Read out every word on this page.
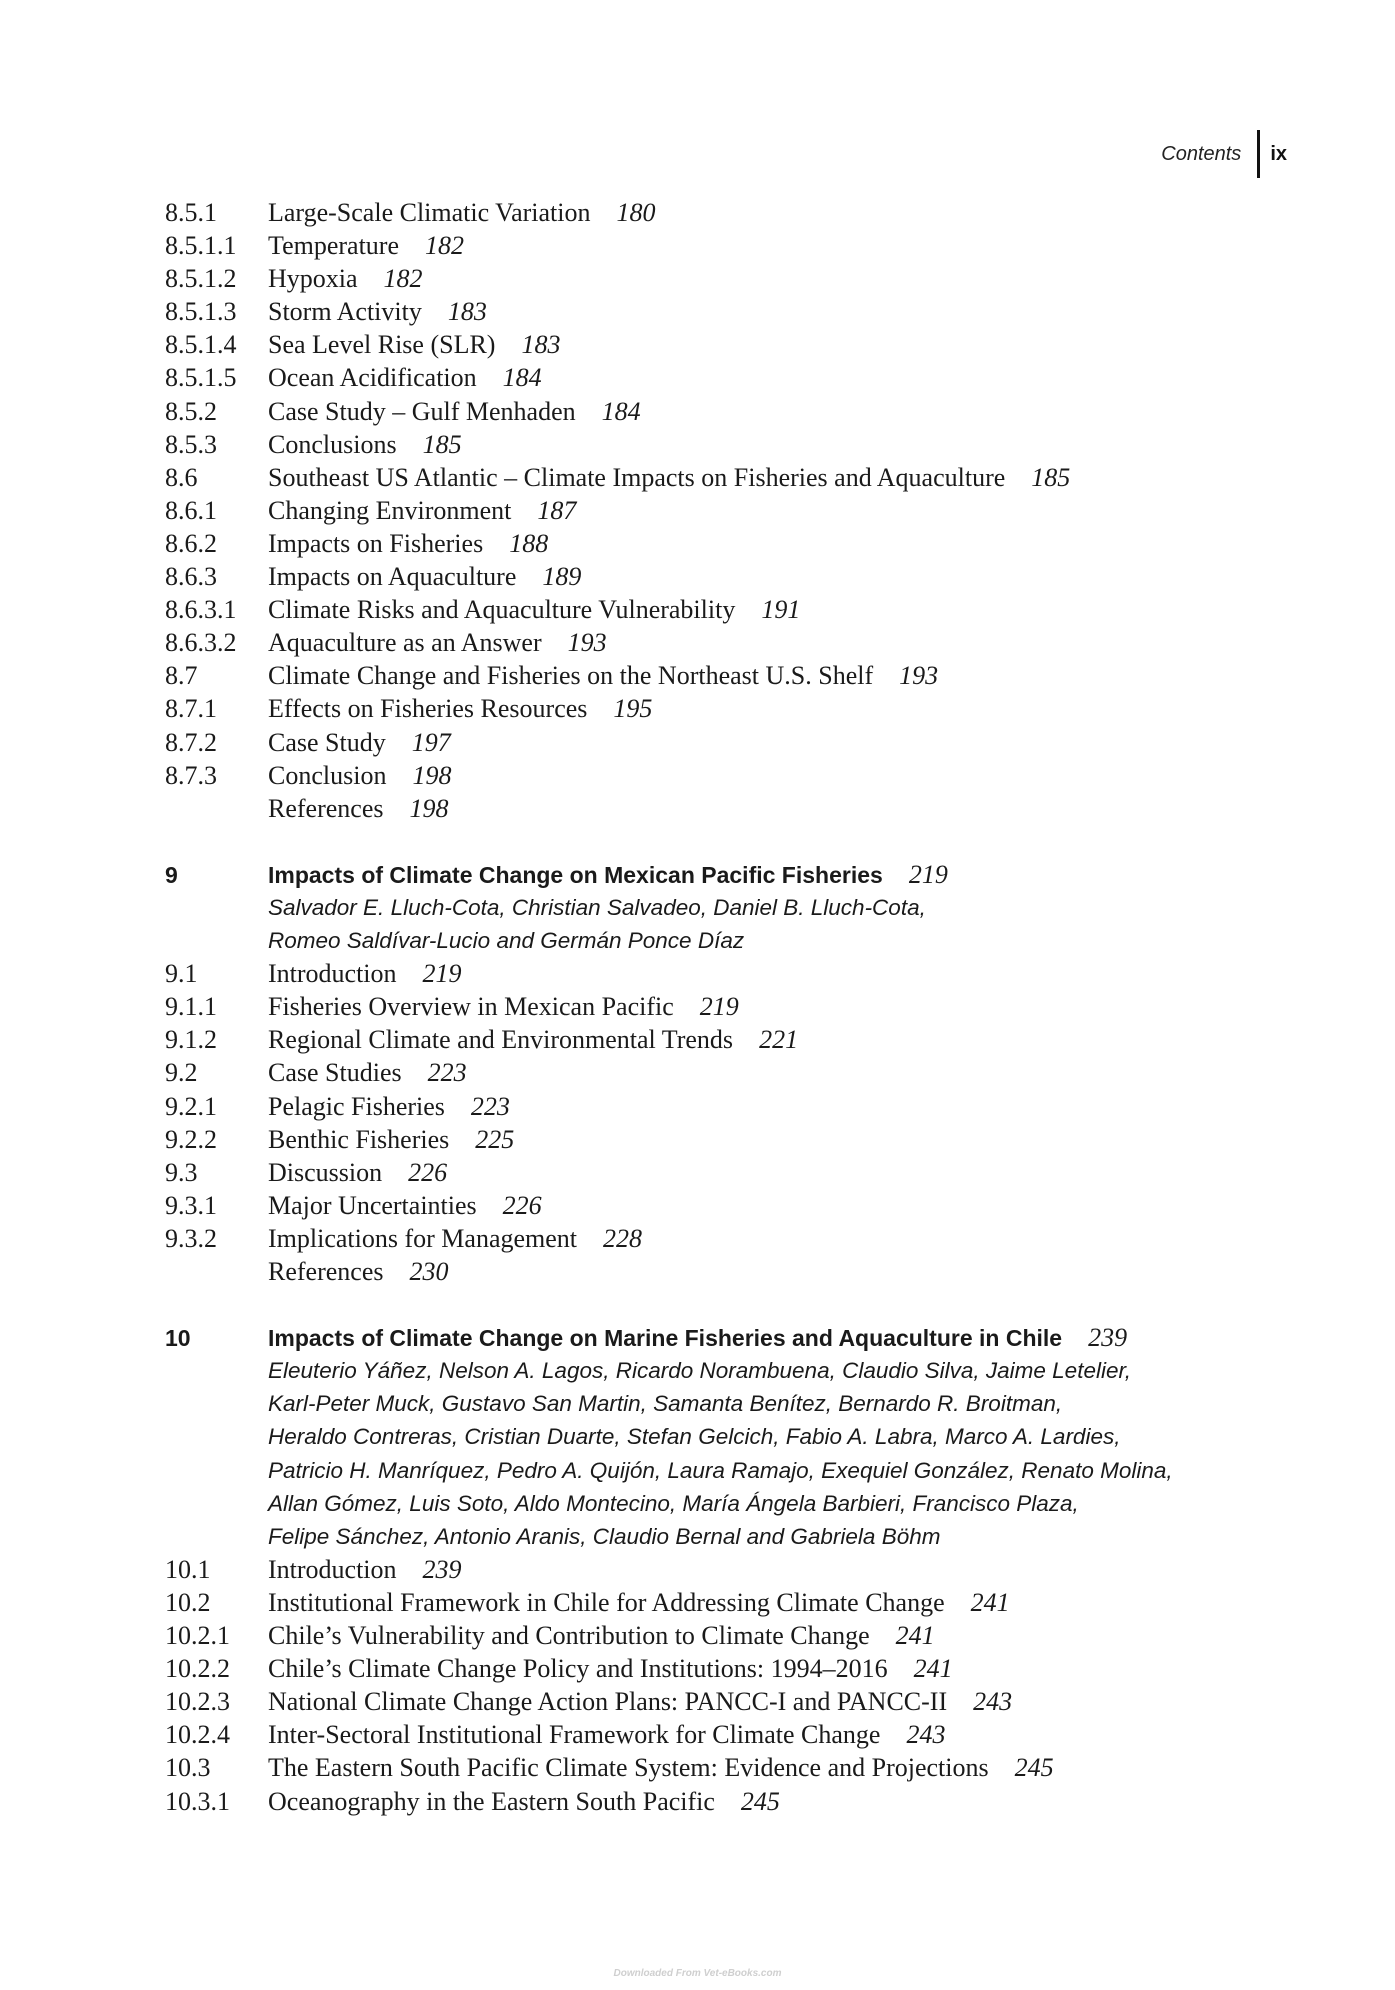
Contents	ix
8.5.1	Large-Scale Climatic Variation 180
8.5.1.1	Temperature 182
8.5.1.2	Hypoxia 182
8.5.1.3	Storm Activity 183
8.5.1.4	Sea Level Rise (SLR) 183
8.5.1.5	Ocean Acidification 184
8.5.2	Case Study – Gulf Menhaden 184
8.5.3	Conclusions 185
8.6	Southeast US Atlantic – Climate Impacts on Fisheries and Aquaculture 185
8.6.1	Changing Environment 187
8.6.2	Impacts on Fisheries 188
8.6.3	Impacts on Aquaculture 189
8.6.3.1	Climate Risks and Aquaculture Vulnerability 191
8.6.3.2	Aquaculture as an Answer 193
8.7	Climate Change and Fisheries on the Northeast U.S. Shelf 193
8.7.1	Effects on Fisheries Resources 195
8.7.2	Case Study 197
8.7.3	Conclusion 198
References 198
9	Impacts of Climate Change on Mexican Pacific Fisheries 219
Salvador E. Lluch-Cota, Christian Salvadeo, Daniel B. Lluch-Cota,
Romeo Saldívar-Lucio and Germán Ponce Díaz
9.1	Introduction 219
9.1.1	Fisheries Overview in Mexican Pacific 219
9.1.2	Regional Climate and Environmental Trends 221
9.2	Case Studies 223
9.2.1	Pelagic Fisheries 223
9.2.2	Benthic Fisheries 225
9.3	Discussion 226
9.3.1	Major Uncertainties 226
9.3.2	Implications for Management 228
References 230
10	Impacts of Climate Change on Marine Fisheries and Aquaculture in Chile 239
Eleuterio Yáñez, Nelson A. Lagos, Ricardo Norambuena, Claudio Silva, Jaime Letelier,
Karl-Peter Muck, Gustavo San Martin, Samanta Benítez, Bernardo R. Broitman,
Heraldo Contreras, Cristian Duarte, Stefan Gelcich, Fabio A. Labra, Marco A. Lardies,
Patricio H. Manríquez, Pedro A. Quijón, Laura Ramajo, Exequiel González, Renato Molina,
Allan Gómez, Luis Soto, Aldo Montecino, María Ángela Barbieri, Francisco Plaza,
Felipe Sánchez, Antonio Aranis, Claudio Bernal and Gabriela Böhm
10.1	Introduction 239
10.2	Institutional Framework in Chile for Addressing Climate Change 241
10.2.1	Chile’s Vulnerability and Contribution to Climate Change 241
10.2.2	Chile’s Climate Change Policy and Institutions: 1994–2016 241
10.2.3	National Climate Change Action Plans: PANCC-I and PANCC-II 243
10.2.4	Inter-Sectoral Institutional Framework for Climate Change 243
10.3	The Eastern South Pacific Climate System: Evidence and Projections 245
10.3.1	Oceanography in the Eastern South Pacific 245
Downloaded From Vet-eBooks.com
